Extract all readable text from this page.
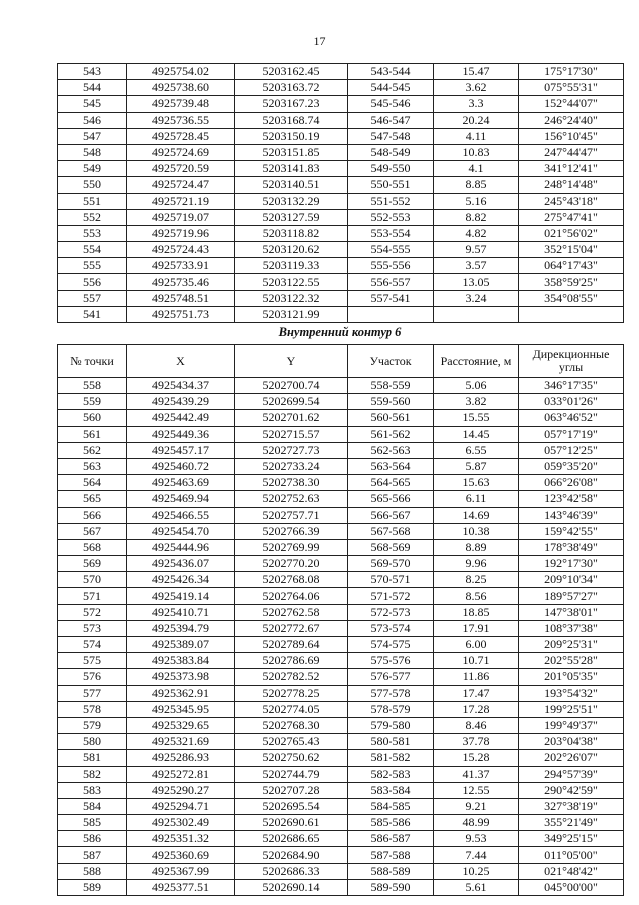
17
543	4925754.02	5203162.45	543-544	15.47	175°17'30"
544	4925738.60	5203163.72	544-545	3.62	075°55'31"
545	4925739.48	5203167.23	545-546	3.3	152°44'07"
546	4925736.55	5203168.74	546-547	20.24	246°24'40"
547	4925728.45	5203150.19	547-548	4.11	156°10'45"
548	4925724.69	5203151.85	548-549	10.83	247°44'47"
549	4925720.59	5203141.83	549-550	4.1	341°12'41"
550	4925724.47	5203140.51	550-551	8.85	248°14'48"
551	4925721.19	5203132.29	551-552	5.16	245°43'18"
552	4925719.07	5203127.59	552-553	8.82	275°47'41"
553	4925719.96	5203118.82	553-554	4.82	021°56'02"
554	4925724.43	5203120.62	554-555	9.57	352°15'04"
555	4925733.91	5203119.33	555-556	3.57	064°17'43"
556	4925735.46	5203122.55	556-557	13.05	358°59'25"
557	4925748.51	5203122.32	557-541	3.24	354°08'55"
541	4925751.73	5203121.99			
Внутренний контур 6
№ точки	X	Y	Участок	Расстояние, м	Дирекционные углы
558	4925434.37	5202700.74	558-559	5.06	346°17'35"
559	4925439.29	5202699.54	559-560	3.82	033°01'26"
560	4925442.49	5202701.62	560-561	15.55	063°46'52"
561	4925449.36	5202715.57	561-562	14.45	057°17'19"
562	4925457.17	5202727.73	562-563	6.55	057°12'25"
563	4925460.72	5202733.24	563-564	5.87	059°35'20"
564	4925463.69	5202738.30	564-565	15.63	066°26'08"
565	4925469.94	5202752.63	565-566	6.11	123°42'58"
566	4925466.55	5202757.71	566-567	14.69	143°46'39"
567	4925454.70	5202766.39	567-568	10.38	159°42'55"
568	4925444.96	5202769.99	568-569	8.89	178°38'49"
569	4925436.07	5202770.20	569-570	9.96	192°17'30"
570	4925426.34	5202768.08	570-571	8.25	209°10'34"
571	4925419.14	5202764.06	571-572	8.56	189°57'27"
572	4925410.71	5202762.58	572-573	18.85	147°38'01"
573	4925394.79	5202772.67	573-574	17.91	108°37'38"
574	4925389.07	5202789.64	574-575	6.00	209°25'31"
575	4925383.84	5202786.69	575-576	10.71	202°55'28"
576	4925373.98	5202782.52	576-577	11.86	201°05'35"
577	4925362.91	5202778.25	577-578	17.47	193°54'32"
578	4925345.95	5202774.05	578-579	17.28	199°25'51"
579	4925329.65	5202768.30	579-580	8.46	199°49'37"
580	4925321.69	5202765.43	580-581	37.78	203°04'38"
581	4925286.93	5202750.62	581-582	15.28	202°26'07"
582	4925272.81	5202744.79	582-583	41.37	294°57'39"
583	4925290.27	5202707.28	583-584	12.55	290°42'59"
584	4925294.71	5202695.54	584-585	9.21	327°38'19"
585	4925302.49	5202690.61	585-586	48.99	355°21'49"
586	4925351.32	5202686.65	586-587	9.53	349°25'15"
587	4925360.69	5202684.90	587-588	7.44	011°05'00"
588	4925367.99	5202686.33	588-589	10.25	021°48'42"
589	4925377.51	5202690.14	589-590	5.61	045°00'00"
